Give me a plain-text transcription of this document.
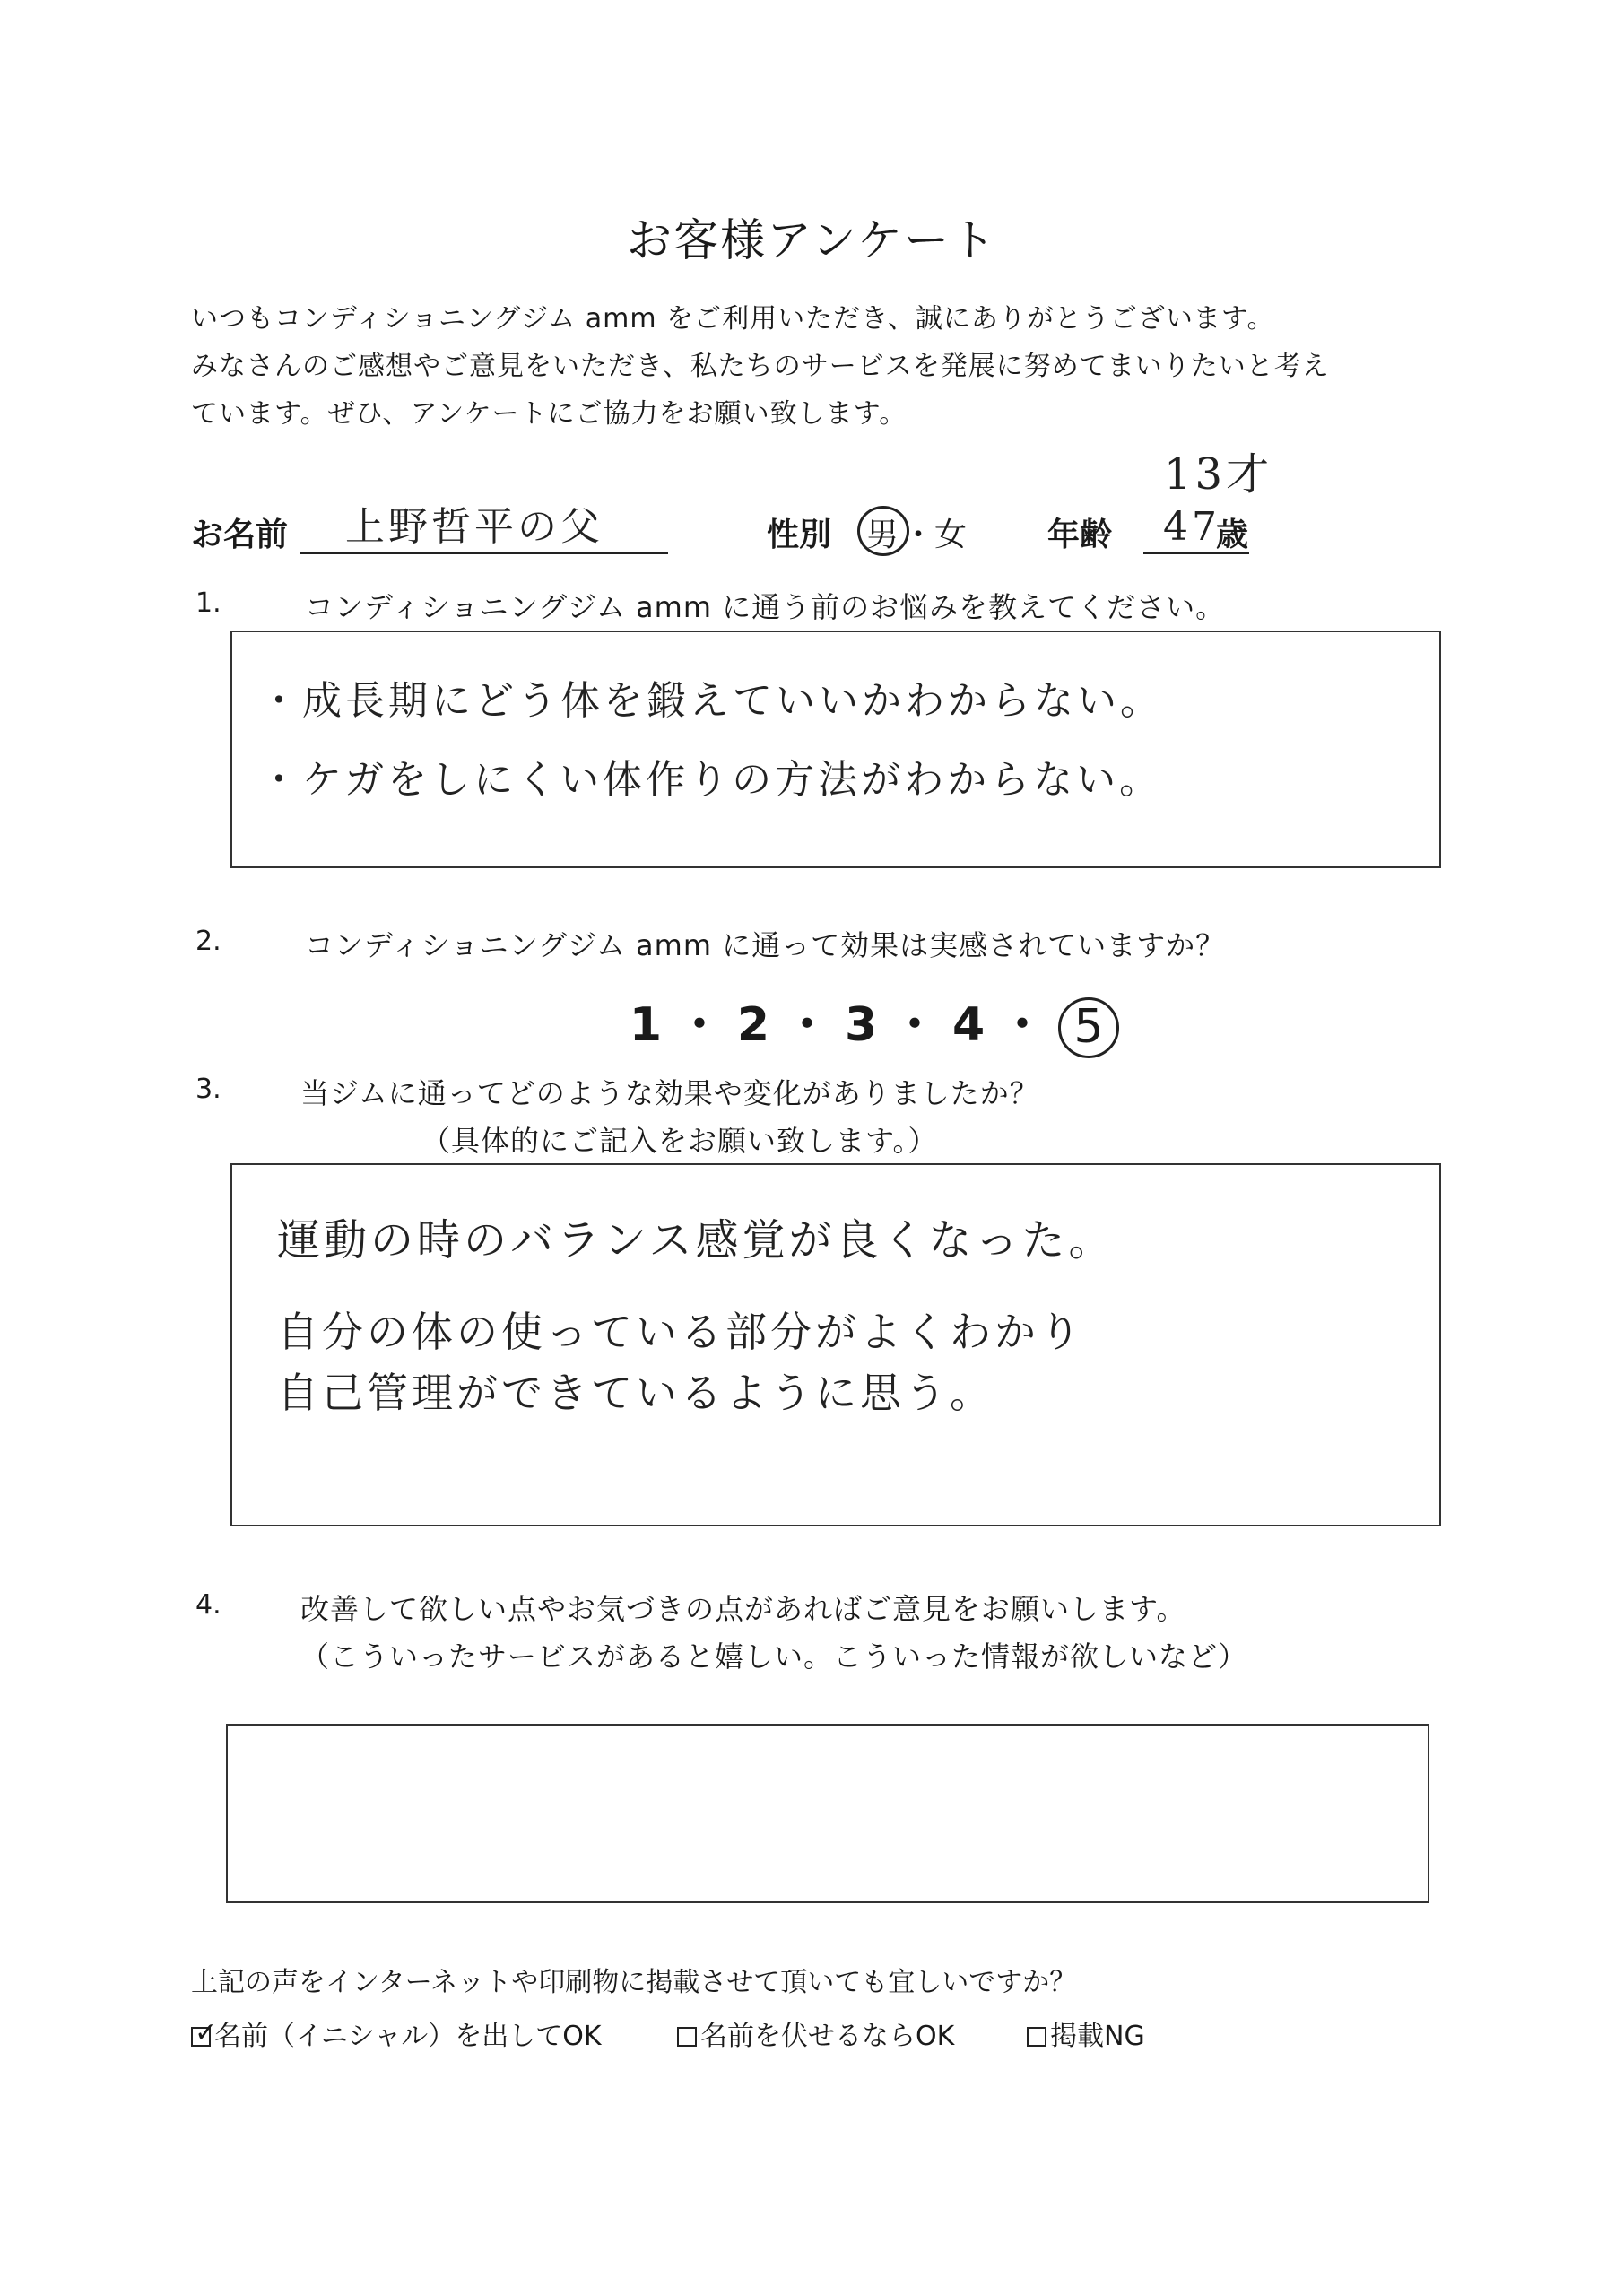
お客様アンケート
いつもコンディショニングジム amm をご利用いただき、誠にありがとうございます。
みなさんのご感想やご意見をいただき、私たちのサービスを発展に努めてまいりたいと考え
ています。ぜひ、アンケートにご協力をお願い致します。
お名前	上野哲平の父	性別 男 ・女 年齢
13才
47
歳
1.	コンディショニングジム amm に通う前のお悩みを教えてください。
・成長期にどう体を鍛えていいかわからない。
・ケガをしにくい体作りの方法がわからない。
2.	コンディショニングジム amm に通って効果は実感されていますか？
1 ・ 2 ・ 3 ・ 4 ・ 5
3.	当ジムに通ってどのような効果や変化がありましたか？
（具体的にご記入をお願い致します。）
運動の時のバランス感覚が良くなった。
自分の体の使っている部分がよくわかり
自己管理ができているように思う。
4.	改善して欲しい点やお気づきの点があればご意見をお願いします。
（こういったサービスがあると嬉しい。こういった情報が欲しいなど）
上記の声をインターネットや印刷物に掲載させて頂いても宜しいですか？
✓
名前（イニシャル）を出してOK	名前を伏せるならOK	掲載NG
